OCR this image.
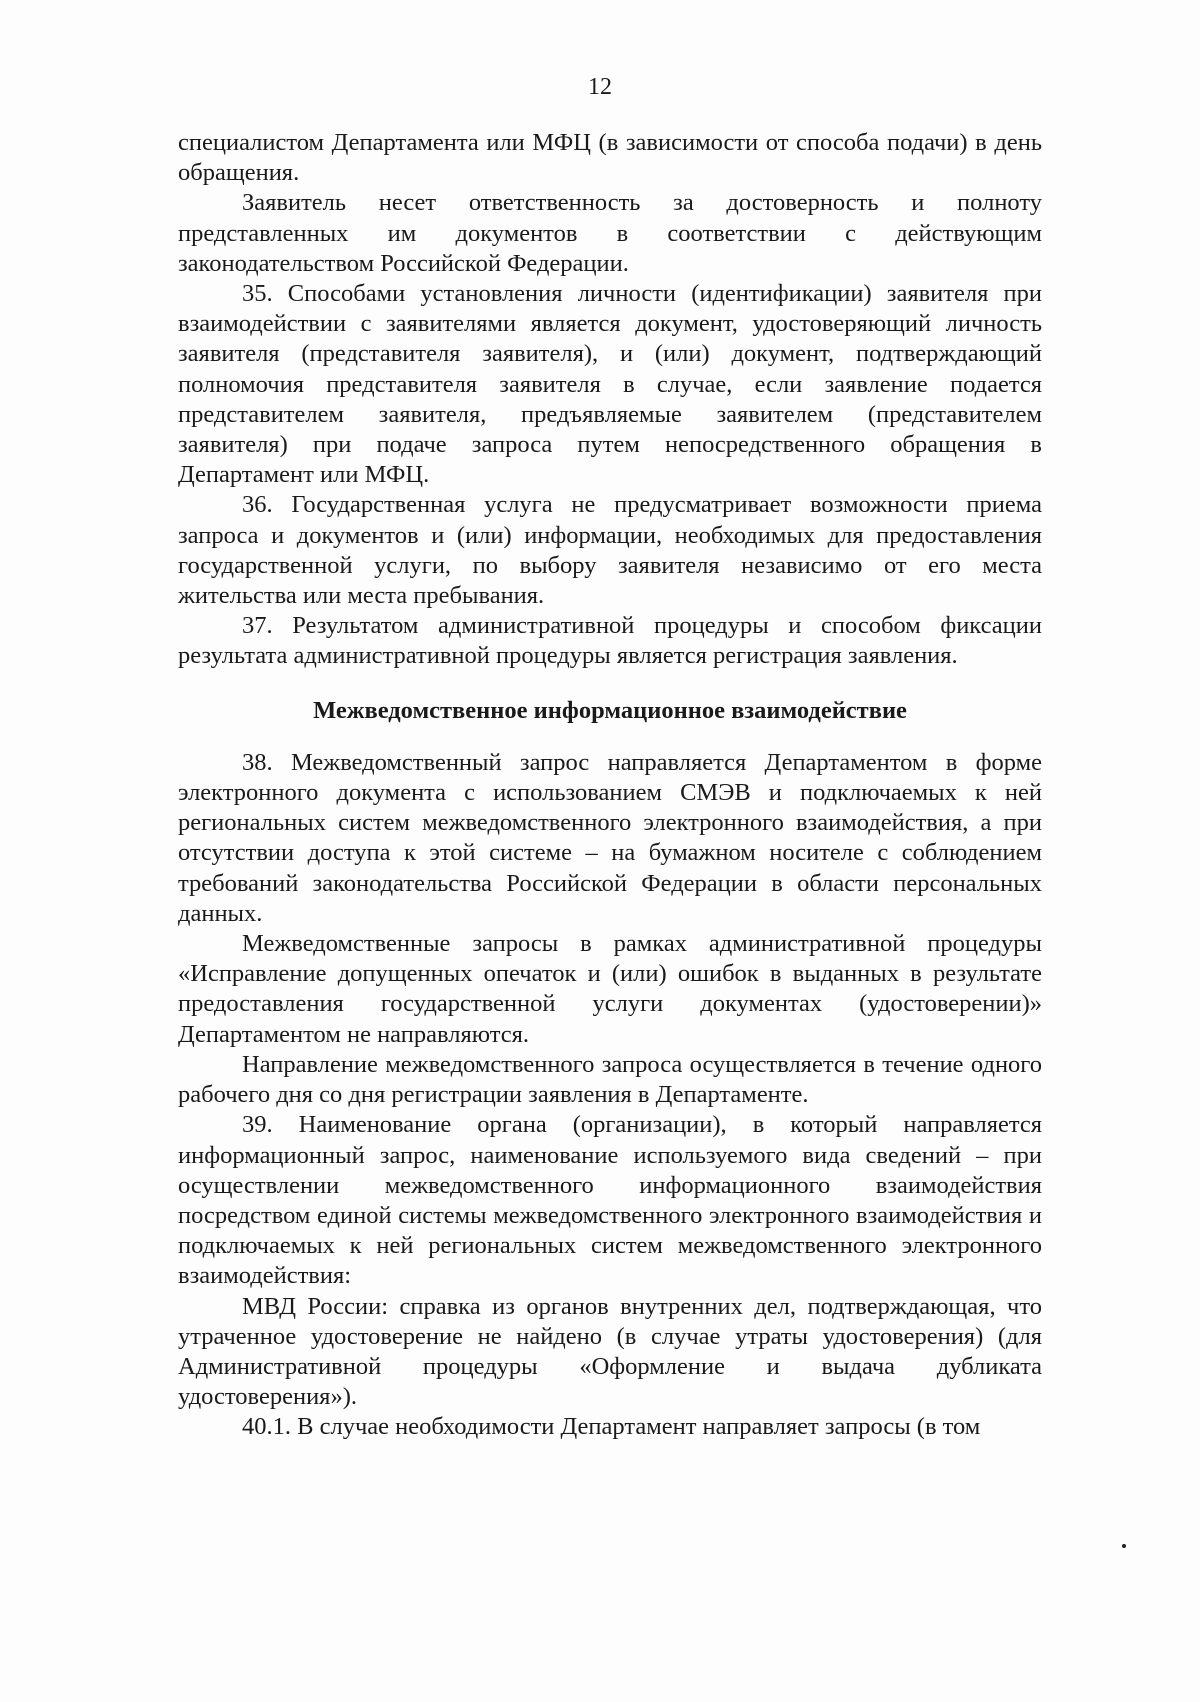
12

специалистом Департамента или МФЦ (в зависимости от способа подачи) в день обращения.

Заявитель несет ответственность за достоверность и полноту представленных им документов в соответствии с действующим законодательством Российской Федерации.

35. Способами установления личности (идентификации) заявителя при взаимодействии с заявителями является документ, удостоверяющий личность заявителя (представителя заявителя), и (или) документ, подтверждающий полномочия представителя заявителя в случае, если заявление подается представителем заявителя, предъявляемые заявителем (представителем заявителя) при подаче запроса путем непосредственного обращения в Департамент или МФЦ.

36. Государственная услуга не предусматривает возможности приема запроса и документов и (или) информации, необходимых для предоставления государственной услуги, по выбору заявителя независимо от его места жительства или места пребывания.

37. Результатом административной процедуры и способом фиксации результата административной процедуры является регистрация заявления.

Межведомственное информационное взаимодействие

38. Межведомственный запрос направляется Департаментом в форме электронного документа с использованием СМЭВ и подключаемых к ней региональных систем межведомственного электронного взаимодействия, а при отсутствии доступа к этой системе – на бумажном носителе с соблюдением требований законодательства Российской Федерации в области персональных данных.

Межведомственные запросы в рамках административной процедуры «Исправление допущенных опечаток и (или) ошибок в выданных в результате предоставления государственной услуги документах (удостоверении)» Департаментом не направляются.

Направление межведомственного запроса осуществляется в течение одного рабочего дня со дня регистрации заявления в Департаменте.

39. Наименование органа (организации), в который направляется информационный запрос, наименование используемого вида сведений – при осуществлении межведомственного информационного взаимодействия посредством единой системы межведомственного электронного взаимодействия и подключаемых к ней региональных систем межведомственного электронного взаимодействия:

МВД России: справка из органов внутренних дел, подтверждающая, что утраченное удостоверение не найдено (в случае утраты удостоверения) (для Административной процедуры «Оформление и выдача дубликата удостоверения»).

40.1. В случае необходимости Департамент направляет запросы (в том
